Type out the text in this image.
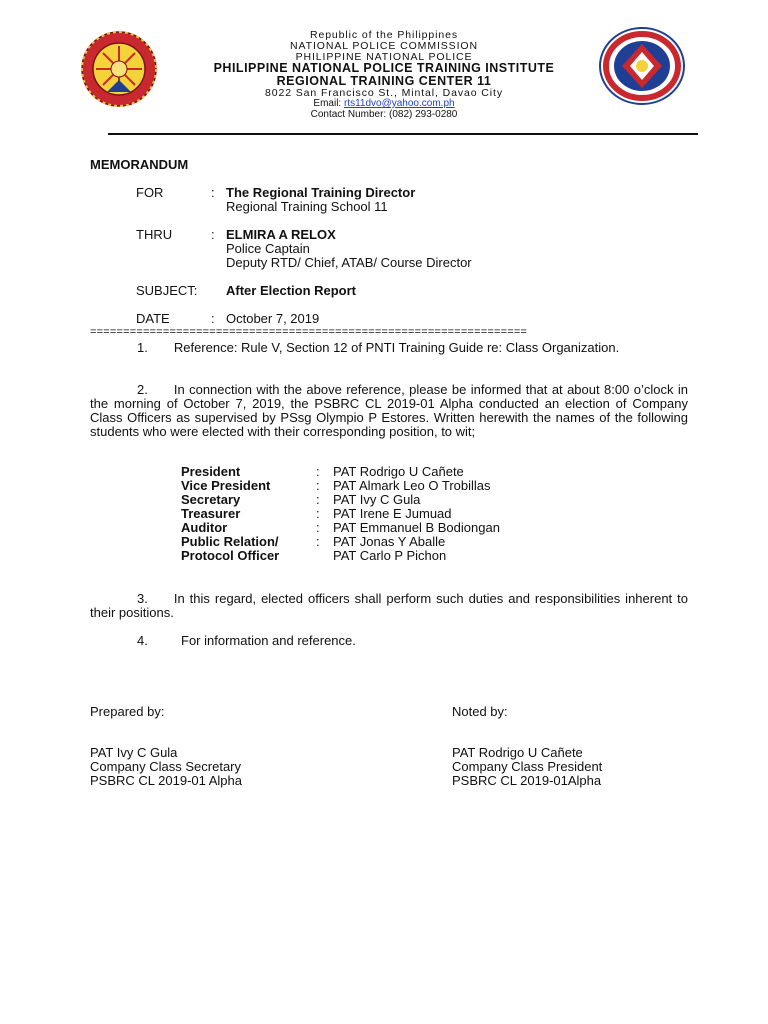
Republic of the Philippines
NATIONAL POLICE COMMISSION
PHILIPPINE NATIONAL POLICE
PHILIPPINE NATIONAL POLICE TRAINING INSTITUTE
REGIONAL TRAINING CENTER 11
8022 San Francisco St., Mintal, Davao City
Email: rts11dvo@yahoo.com.ph
Contact Number: (082) 293-0280
MEMORANDUM
FOR	: The Regional Training Director
Regional Training School 11
THRU	: ELMIRA A RELOX
Police Captain
Deputy RTD/ Chief, ATAB/ Course Director
SUBJECT: After Election Report
DATE	: October 7, 2019
==================================================================
1.  Reference: Rule V, Section 12 of PNTI Training Guide re: Class Organization.
2.  In connection with the above reference, please be informed that at about 8:00 o’clock in the morning of October 7, 2019, the PSBRC CL 2019-01 Alpha conducted an election of Company Class Officers as supervised by PSsg Olympio P Estores. Written herewith the names of the following students who were elected with their corresponding position, to wit;
President	:	PAT Rodrigo U Cañete
Vice President	:	PAT Almark Leo O Trobillas
Secretary	:	PAT Ivy C Gula
Treasurer	:	PAT Irene E Jumuad
Auditor	:	PAT Emmanuel B Bodiongan
Public Relation/	:	PAT Jonas Y Aballe
Protocol Officer		PAT Carlo P Pichon
3.  In this regard, elected officers shall perform such duties and responsibilities inherent to their positions.
4.	For information and reference.
Prepared by:	Noted by:
PAT Ivy C Gula
Company Class Secretary
PSBRC CL 2019-01 Alpha
PAT Rodrigo U Cañete
Company Class President
PSBRC CL 2019-01Alpha
